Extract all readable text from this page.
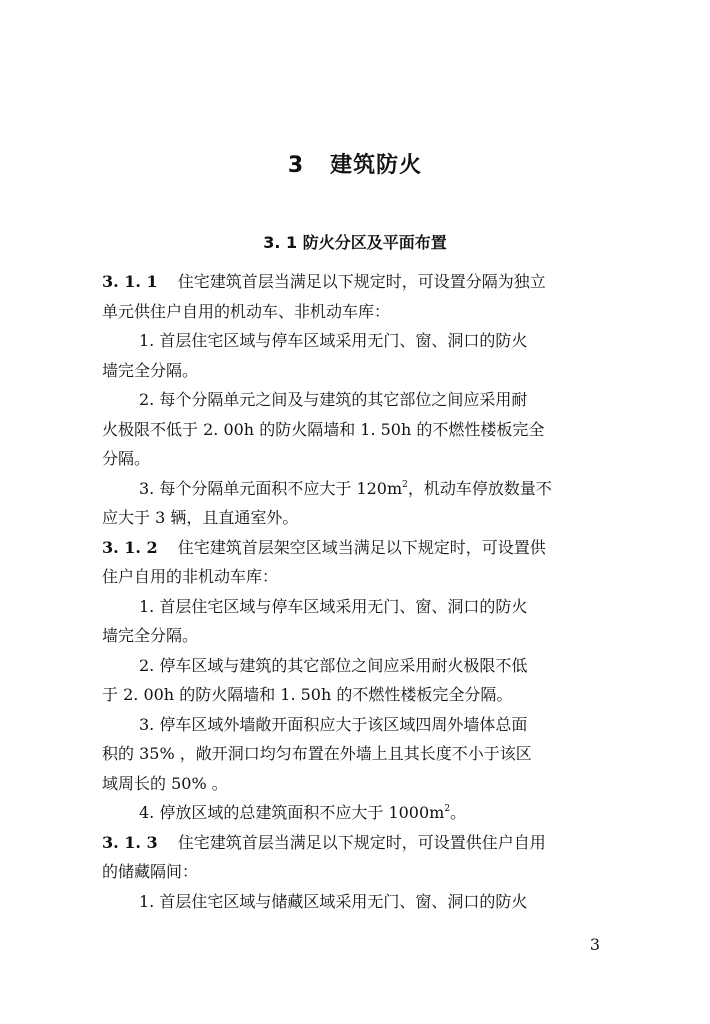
3 建筑防火
3. 1 防火分区及平面布置
3. 1. 1 住宅建筑首层当满足以下规定时，可设置分隔为独立
单元供住户自用的机动车、非机动车库：
1. 首层住宅区域与停车区域采用无门、窗、洞口的防火
墙完全分隔。
2. 每个分隔单元之间及与建筑的其它部位之间应采用耐
火极限不低于 2. 00h 的防火隔墙和 1. 50h 的不燃性楼板完全
分隔。
3. 每个分隔单元面积不应大于 $120m^2$，机动车停放数量不
应大于 3 辆，且直通室外。
3. 1. 2 住宅建筑首层架空区域当满足以下规定时，可设置供
住户自用的非机动车库：
1. 首层住宅区域与停车区域采用无门、窗、洞口的防火
墙完全分隔。
2. 停车区域与建筑的其它部位之间应采用耐火极限不低
于 2. 00h 的防火隔墙和 1. 50h 的不燃性楼板完全分隔。
3. 停车区域外墙敞开面积应大于该区域四周外墙体总面
积的 35% ，敞开洞口均匀布置在外墙上且其长度不小于该区
域周长的 50% 。
4. 停放区域的总建筑面积不应大于 $1000m^2$。
3. 1. 3 住宅建筑首层当满足以下规定时，可设置供住户自用
的储藏隔间：
1. 首层住宅区域与储藏区域采用无门、窗、洞口的防火
3
